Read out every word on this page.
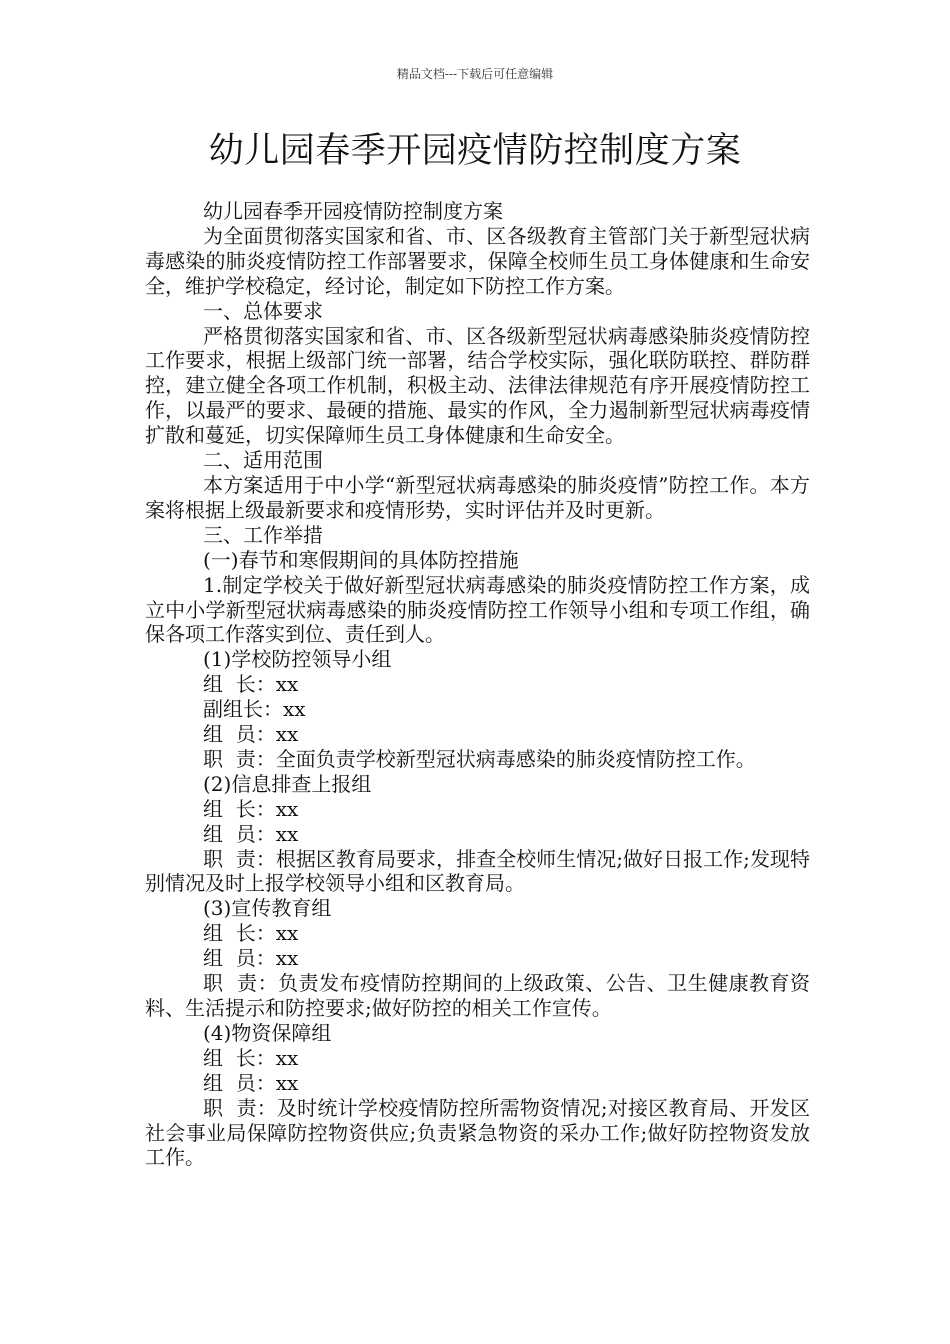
精品文档---下载后可任意编辑
幼儿园春季开园疫情防控制度方案

幼儿园春季开园疫情防控制度方案

为全面贯彻落实国家和省、市、区各级教育主管部门关于新型冠状病毒感染的肺炎疫情防控工作部署要求，保障全校师生员工身体健康和生命安全，维护学校稳定，经讨论，制定如下防控工作方案。

一、总体要求

严格贯彻落实国家和省、市、区各级新型冠状病毒感染肺炎疫情防控工作要求，根据上级部门统一部署，结合学校实际，强化联防联控、群防群控，建立健全各项工作机制，积极主动、法律法律规范有序开展疫情防控工作，以最严的要求、最硬的措施、最实的作风，全力遏制新型冠状病毒疫情扩散和蔓延，切实保障师生员工身体健康和生命安全。

二、适用范围

本方案适用于中小学“新型冠状病毒感染的肺炎疫情”防控工作。本方案将根据上级最新要求和疫情形势，实时评估并及时更新。

三、工作举措

(一)春节和寒假期间的具体防控措施

1.制定学校关于做好新型冠状病毒感染的肺炎疫情防控工作方案，成立中小学新型冠状病毒感染的肺炎疫情防控工作领导小组和专项工作组，确保各项工作落实到位、责任到人。

(1)学校防控领导小组

组  长：xx

副组长：xx

组  员：xx

职  责：全面负责学校新型冠状病毒感染的肺炎疫情防控工作。

(2)信息排查上报组

组  长：xx

组  员：xx

职  责：根据区教育局要求，排查全校师生情况;做好日报工作;发现特别情况及时上报学校领导小组和区教育局。

(3)宣传教育组

组  长：xx

组  员：xx

职  责：负责发布疫情防控期间的上级政策、公告、卫生健康教育资料、生活提示和防控要求;做好防控的相关工作宣传。

(4)物资保障组

组  长：xx

组  员：xx

职  责：及时统计学校疫情防控所需物资情况;对接区教育局、开发区社会事业局保障防控物资供应;负责紧急物资的采办工作;做好防控物资发放工作。
